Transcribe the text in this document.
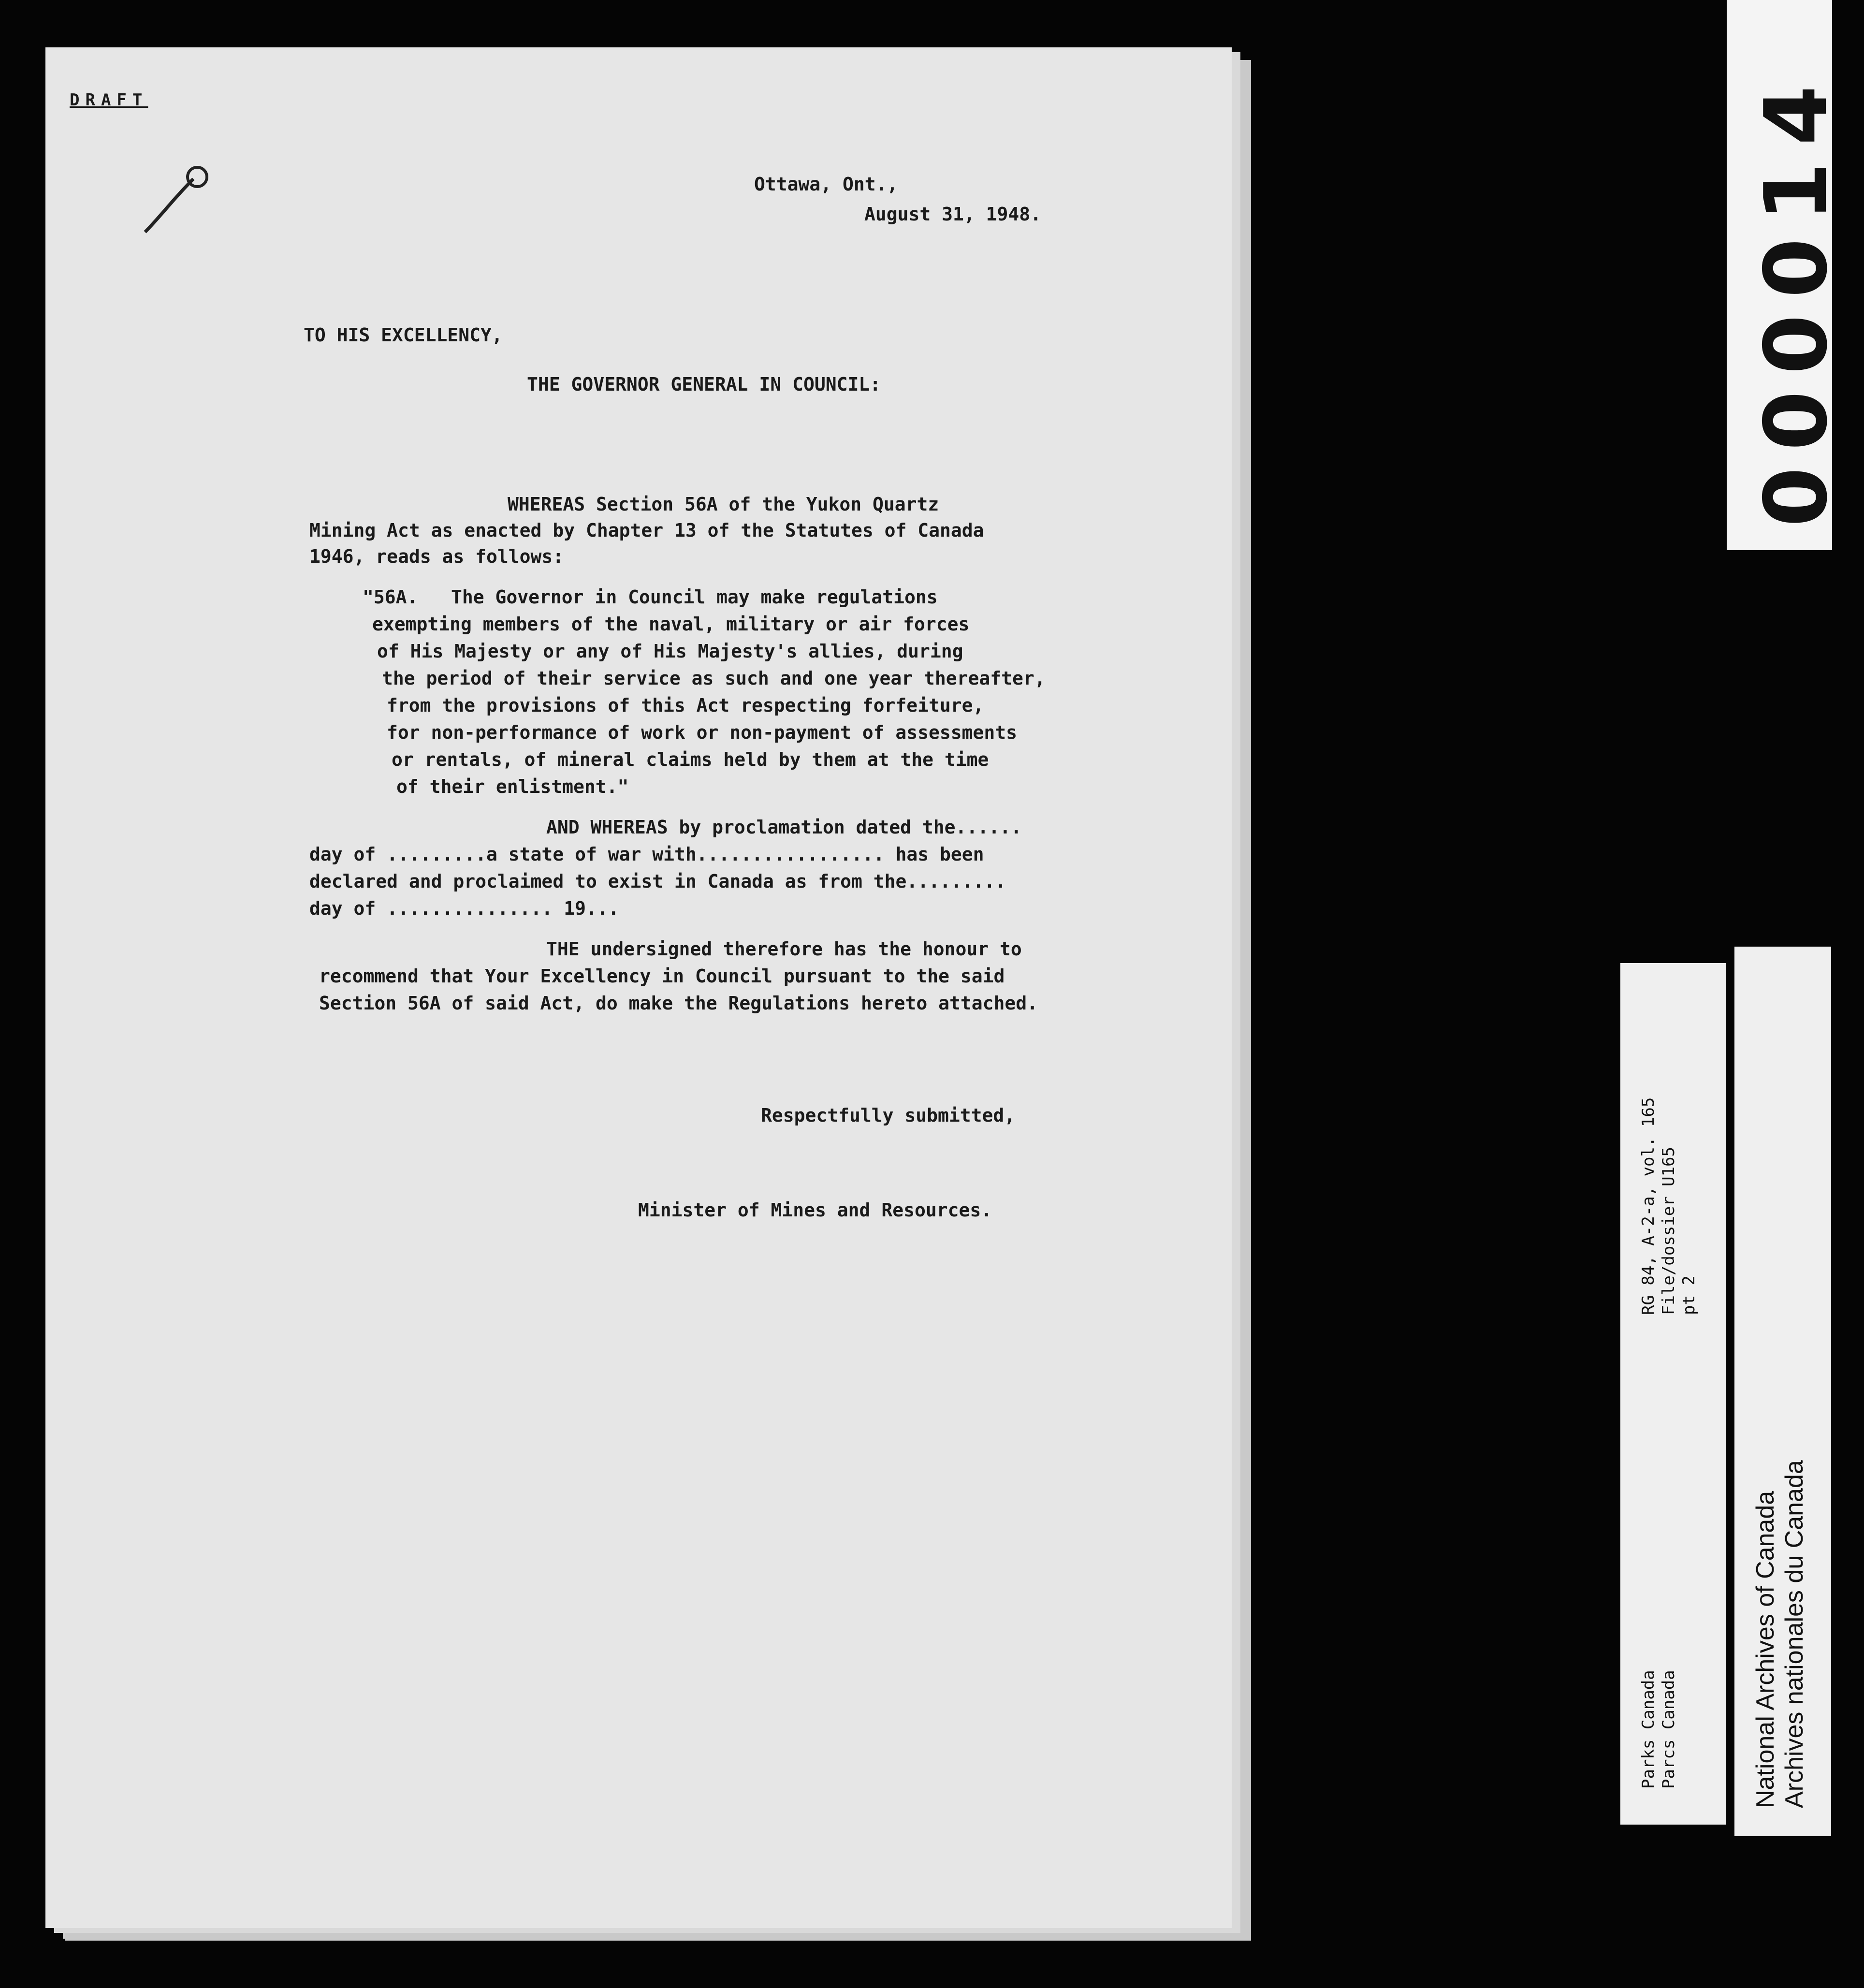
DRAFT
Ottawa, Ont.,
August 31, 1948.
TO HIS EXCELLENCY,
THE GOVERNOR GENERAL IN COUNCIL:
WHEREAS Section 56A of the Yukon Quartz
Mining Act as enacted by Chapter 13 of the Statutes of Canada
1946, reads as follows:
"56A.   The Governor in Council may make regulations
exempting members of the naval, military or air forces
of His Majesty or any of His Majesty's allies, during
the period of their service as such and one year thereafter,
from the provisions of this Act respecting forfeiture,
for non-performance of work or non-payment of assessments
or rentals, of mineral claims held by them at the time
of their enlistment."
AND WHEREAS by proclamation dated the......
day of .........a state of war with................. has been
declared and proclaimed to exist in Canada as from the.........
day of ............... 19...
THE undersigned therefore has the honour to
recommend that Your Excellency in Council pursuant to the said
Section 56A of said Act, do make the Regulations hereto attached.
Respectfully submitted,
Minister of Mines and Resources.
000014
RG 84, A-2-a, vol. 165 File/dossier U165 pt 2
Parks Canada Parcs Canada	National Archives of Canada Archives nationales du Canada
